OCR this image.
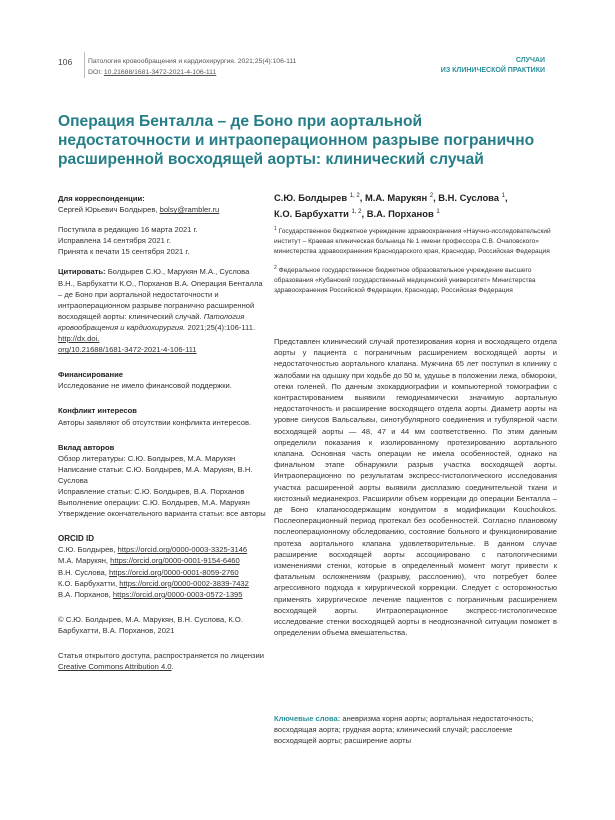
106 Патология кровообращения и кардиохирургия. 2021;25(4):106-111
DOI: 10.21688/1681-3472-2021-4-106-111
СЛУЧАИ
ИЗ КЛИНИЧЕСКОЙ ПРАКТИКИ
Операция Бенталла – де Боно при аортальной недостаточности и интраоперационном разрыве погранично расширенной восходящей аорты: клинический случай

Для корреспонденции:

Сергей Юрьевич Болдырев, bolsy@rambler.ru

Поступила в редакцию 16 марта 2021 г.

Исправлена 14 сентября 2021 г.

Принята к печати 15 сентября 2021 г.

Цитировать: Болдырев С.Ю., Марукян М.А., Суслова В.Н., Барбухатти К.О., Порханов В.А. Операция Бенталла – де Боно при аортальной недостаточности и интраоперационном разрыве погранично расширенной восходящей аорты: клинический случай. Патология кровообращения и кардиохирургия. 2021;25(4):106-111.
http://dx.doi.
org/10.21688/1681-3472-2021-4-106-111

Финансирование

Исследование не имело финансовой поддержки.

Конфликт интересов

Авторы заявляют об отсутствии конфликта интересов.

Вклад авторов

Обзор литературы: С.Ю. Болдырев, М.А. Марукян

Написание статьи: С.Ю. Болдырев, М.А. Марукян, В.Н. Суслова

Исправление статьи: С.Ю. Болдырев, В.А. Порханов

Выполнение операции: С.Ю. Болдырев, М.А. Марукян

Утверждение окончательного варианта статьи: все авторы

ORCID ID

С.Ю. Болдырев, https://orcid.org/0000-0003-3325-3146

М.А. Марукян, https://orcid.org/0000-0001-9154-6460

В.Н. Суслова, https://orcid.org/0000-0001-8059-2760

К.О. Барбухатти, https://orcid.org/0000-0002-3839-7432

В.А. Порханов, https://orcid.org/0000-0003-0572-1395

© С.Ю. Болдырев, М.А. Марукян, В.Н. Суслова, К.О. Барбухатти, В.А. Порханов, 2021

Статья открытого доступа, распространяется по лицензии Creative Commons Attribution 4.0.

С.Ю. Болдырев $^{1, 2}$, М.А. Марукян $^2$, В.Н. Суслова $^1$,
К.О. Барбухатти $^{1, 2}$, В.А. Порханов $^1$

$^1$ Государственное бюджетное учреждение здравоохранения «Научно-исследовательский институт – Краевая клиническая больница № 1 имени профессора С.В. Очаповского» министерства здравоохранения Краснодарского края, Краснодар, Российская Федерация

$^2$ Федеральное государственное бюджетное образовательное учреждение высшего образования «Кубанский государственный медицинский университет» Министерства здравоохранения Российской Федерации, Краснодар, Российская Федерация

Представлен клинический случай протезирования корня и восходящего отдела аорты у пациента с пограничным расширением восходящей аорты и недостаточностью аортального клапана. Мужчина 65 лет поступил в клинику с жалобами на одышку при ходьбе до 50 м, удушье в положении лежа, обмороки, отеки голеней. По данным эхокардиографии и компьютерной томографии с контрастированием выявили гемодинамически значимую аортальную недостаточность и расширение восходящего отдела аорты. Диаметр аорты на уровне синусов Вальсальвы, синотубулярного соединения и тубулярной части восходящей аорты — 48, 47 и 44 мм соответственно. По этим данным определили показания к изолированному протезированию аортального клапана. Основная часть операции не имела особенностей, однако на финальном этапе обнаружили разрыв участка восходящей аорты. Интраоперационно по результатам экспресс-гистологического исследования участка расширенной аорты выявили дисплазию соединительной ткани и кистозный медианекроз. Расширили объем коррекции до операции Бенталла – де Боно клапаносодержащим кондуитом в модификации Kouchoukos. Послеоперационный период протекал без особенностей. Согласно плановому послеоперационному обследованию, состояние больного и функционирование протеза аортального клапана удовлетворительные. В данном случае расширение восходящей аорты ассоциировано с патологическими изменениями стенки, которые в определенный момент могут привести к фатальным осложнениям (разрыву, расслоению), что потребует более агрессивного подхода к хирургической коррекции. Следует с осторожностью применять хирургическое лечение пациентов с пограничным расширением восходящей аорты. Интраоперационное экспресс-гистологическое исследование стенки восходящей аорты в неоднозначной ситуации поможет в определении объема вмешательства.
Ключевые слова: аневризма корня аорты; аортальная недостаточность; восходящая аорта; грудная аорта; клинический случай; расслоение восходящей аорты; расширение аорты
